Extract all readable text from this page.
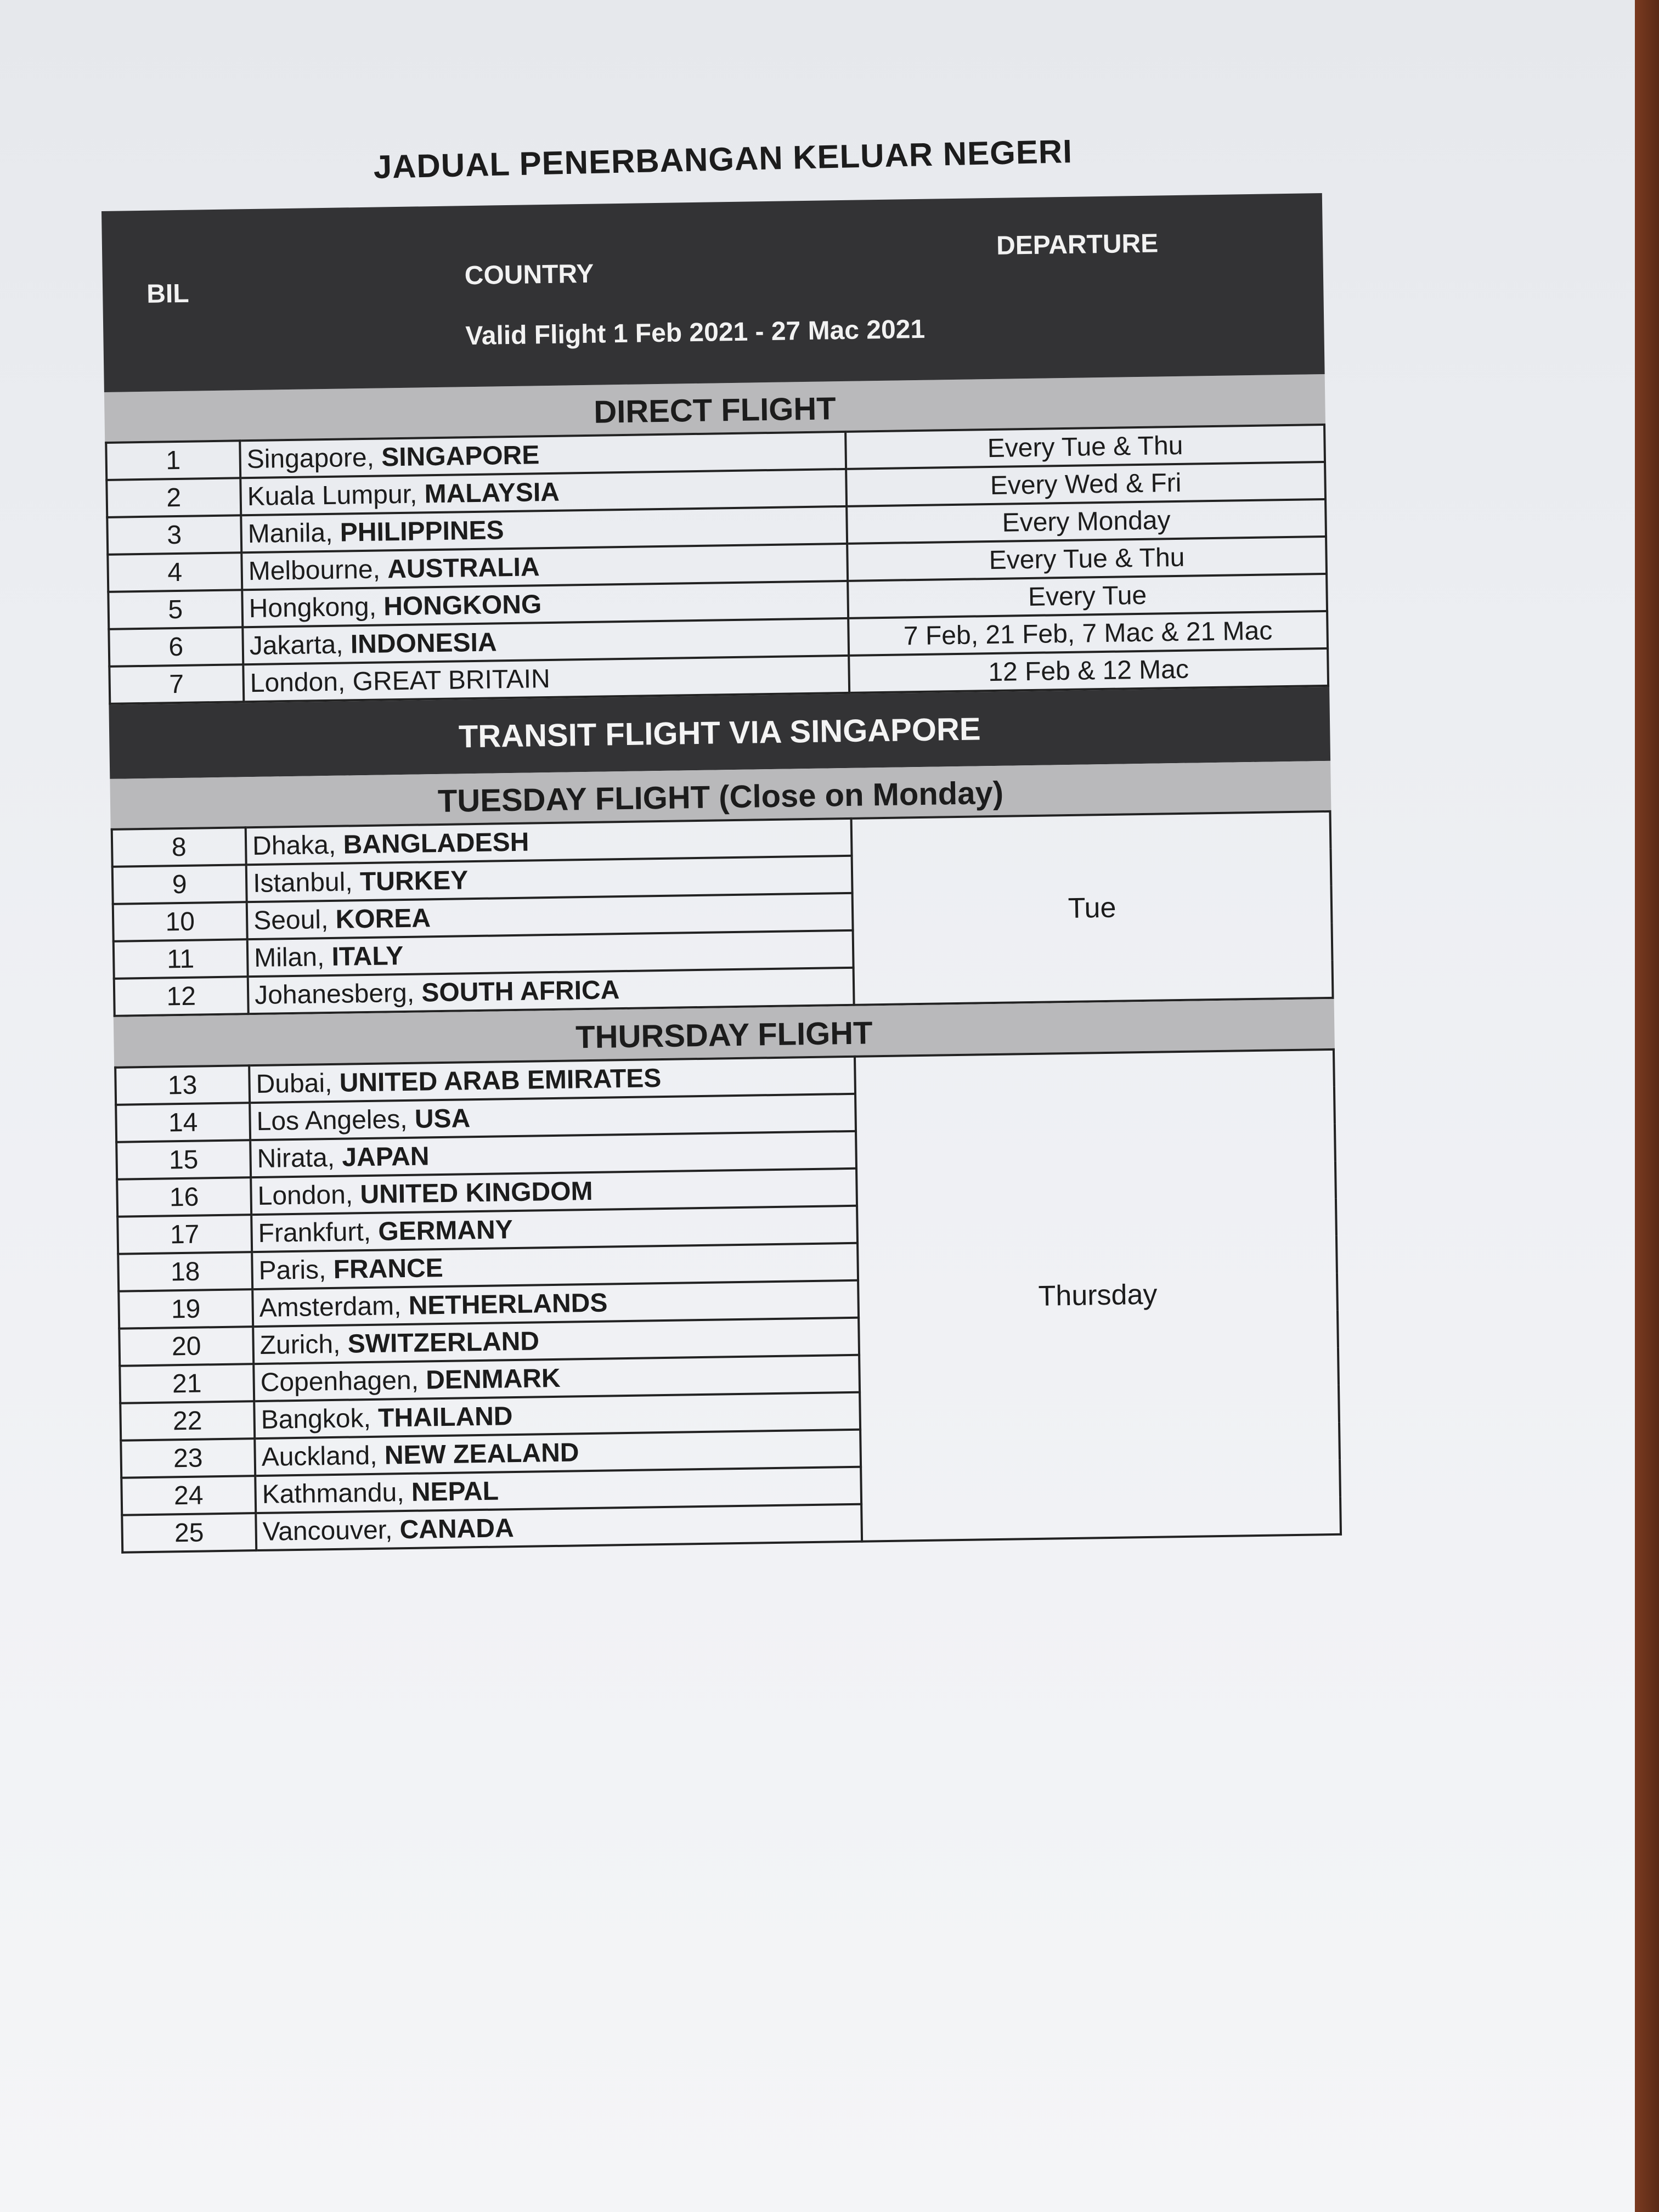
JADUAL PENERBANGAN KELUAR NEGERI
BIL
COUNTRY
DEPARTURE
Valid Flight 1 Feb 2021 - 27 Mac 2021
DIRECT FLIGHT
1	Singapore, SINGAPORE	Every Tue & Thu
2	Kuala Lumpur, MALAYSIA	Every Wed & Fri
3	Manila, PHILIPPINES	Every Monday
4	Melbourne, AUSTRALIA	Every Tue & Thu
5	Hongkong, HONGKONG	Every Tue
6	Jakarta, INDONESIA	7 Feb, 21 Feb, 7 Mac & 21 Mac
7	London, GREAT BRITAIN	12 Feb & 12 Mac
TRANSIT FLIGHT VIA SINGAPORE
TUESDAY FLIGHT (Close on Monday)
8	Dhaka, BANGLADESH	Tue
9	Istanbul, TURKEY	
10	Seoul, KOREA	
11	Milan, ITALY	
12	Johanesberg, SOUTH AFRICA	
THURSDAY FLIGHT
13	Dubai, UNITED ARAB EMIRATES	Thursday
14	Los Angeles, USA	
15	Nirata, JAPAN	
16	London, UNITED KINGDOM	
17	Frankfurt, GERMANY	
18	Paris, FRANCE	
19	Amsterdam, NETHERLANDS	
20	Zurich, SWITZERLAND	
21	Copenhagen, DENMARK	
22	Bangkok, THAILAND	
23	Auckland, NEW ZEALAND	
24	Kathmandu, NEPAL	
25	Vancouver, CANADA	
